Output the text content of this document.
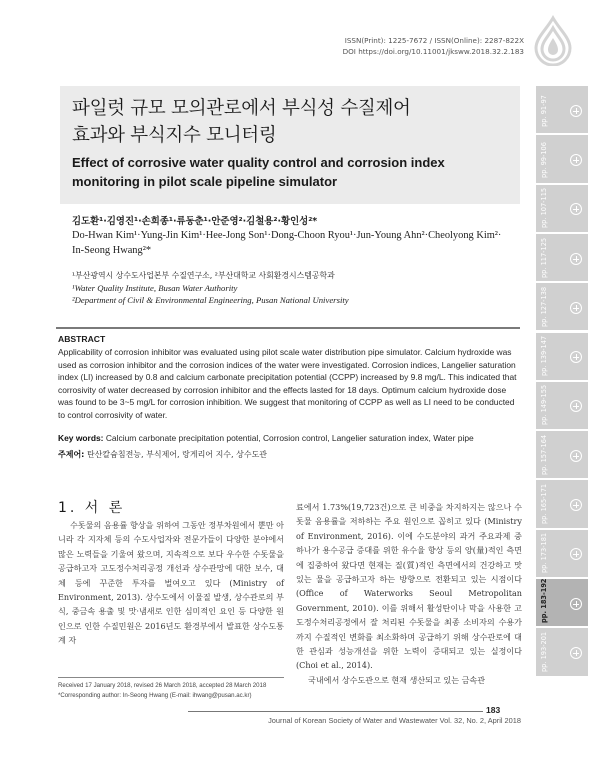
ISSN(Print): 1225-7672 / ISSN(Online): 2287-822X
DOI https://doi.org/10.11001/jksww.2018.32.2.183
파일럿 규모 모의관로에서 부식성 수질제어
효과와 부식지수 모니터링
Effect of corrosive water quality control and corrosion index
monitoring in pilot scale pipeline simulator
김도환¹·김영진¹·손희종¹·류동춘¹·안준영²·김철용²·황인성²*
Do-Hwan Kim¹·Yung-Jin Kim¹·Hee-Jong Son¹·Dong-Choon Ryou¹·Jun-Young Ahn²·Cheolyong Kim²·
In-Seong Hwang²*
¹부산광역시 상수도사업본부 수질연구소, ²부산대학교 사회환경시스템공학과
¹Water Quality Institute, Busan Water Authority
²Department of Civil & Environmental Engineering, Pusan National University
ABSTRACT
Applicability of corrosion inhibitor was evaluated using pilot scale water distribution pipe simulator. Calcium hydroxide was used as corrosion inhibitor and the corrosion indices of the water were investigated. Corrosion indices, Langelier saturation index (LI) increased by 0.8 and calcium carbonate precipitation potential (CCPP) increased by 9.8 mg/L. This indicated that corrosivity of water decreased by corrosion inhibitor and the effects lasted for 18 days. Optimum calcium hydroxide dose was found to be 3~5 mg/L for corrosion inhibition. We suggest that monitoring of CCPP as well as LI need to be conducted to control corrosivity of water.
Key words: Calcium carbonate precipitation potential, Corrosion control, Langelier saturation index, Water pipe
주제어: 탄산칼슘침전능, 부식제어, 랑게리어 지수, 상수도관
1. 서 론
수돗물의 음용률 향상을 위하여 그동안 정부차원에서 뿐만 아니라 각 지자체 등의 수도사업자와 전문가들이 다양한 분야에서 많은 노력들을 기울여 왔으며, 지속적으로 보다 우수한 수돗물을 공급하고자 고도정수처리공정 개선과 상수관망에 대한 보수, 대체 등에 꾸준한 투자를 벌여오고 있다 (Ministry of Environment, 2013). 상수도에서 이물질 발생, 상수관로의 부식, 중금속 용출 및 맛·냄새로 인한 심미적인 요인 등 다양한 원인으로 인한 수질민원은 2016년도 환경부에서 발표한 상수도통계 자

료에서 1.73%(19,723건)으로 큰 비중을 차지하지는 않으나 수돗물 음용률을 저하하는 주요 원인으로 꼽히고 있다 (Ministry of Environment, 2016). 이에 수도분야의 과거 주요과제 중 하나가 용수공급 증대를 위한 유수율 향상 등의 양(量)적인 측면에 집중하여 왔다면 현재는 질(質)적인 측면에서의 건강하고 맛있는 물을 공급하고자 하는 방향으로 전환되고 있는 시점이다 (Office of Waterworks Seoul Metropolitan Government, 2010). 이를 위해서 활성탄이나 막을 사용한 고도정수처리공정에서 잘 처리된 수돗물을 최종 소비자의 수용가까지 수질적인 변화를 최소화하며 공급하기 위해 상수관로에 대한 관심과 성능개선을 위한 노력이 증대되고 있는 실정이다 (Choi et al., 2014).

국내에서 상수도관으로 현재 생산되고 있는 금속관

Received 17 January 2018, revised 26 March 2018, accepted 28 March 2018
*Corresponding author: In-Seong Hwang (E-mail: ihwang@pusan.ac.kr)
183
Journal of Korean Society of Water and Wastewater Vol. 32, No. 2, April 2018
pp. 91-97
pp. 99-106
pp. 107-115
pp. 117-125
pp. 127-138
pp. 139-147
pp. 149-155
pp. 157-164
pp. 165-171
pp. 173-181
pp. 183-192
pp. 193-201
